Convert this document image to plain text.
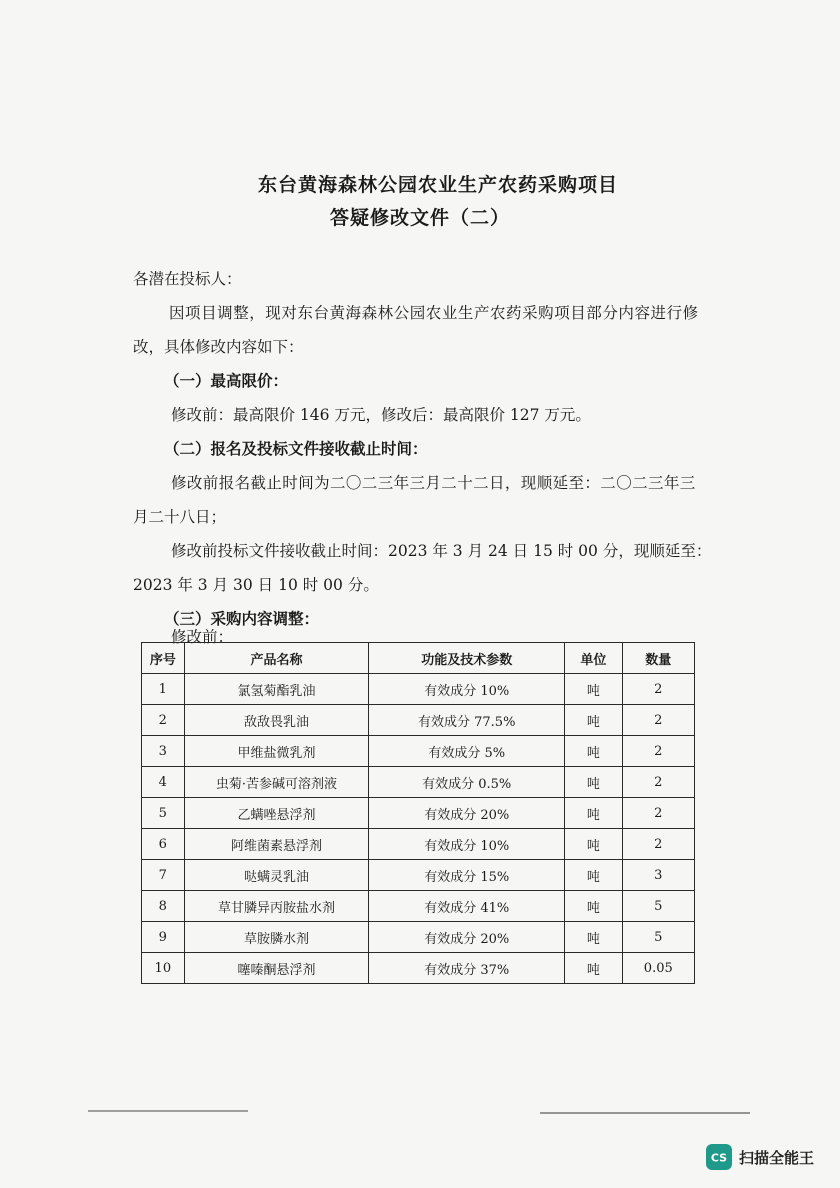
东台黄海森林公园农业生产农药采购项目
答疑修改文件（二）
各潜在投标人：
因项目调整，现对东台黄海森林公园农业生产农药采购项目部分内容进行修
改，具体修改内容如下：
（一）最高限价：
修改前：最高限价 146 万元，修改后：最高限价 127 万元。
（二）报名及投标文件接收截止时间：
修改前报名截止时间为二〇二三年三月二十二日，现顺延至：二〇二三年三
月二十八日；
修改前投标文件接收截止时间：2023 年 3 月 24 日 15 时 00 分，现顺延至：
2023 年 3 月 30 日 10 时 00 分。
（三）采购内容调整：
修改前：
序号	产品名称	功能及技术参数	单位	数量
1	氯氢菊酯乳油	有效成分 10%	吨	2
2	敌敌畏乳油	有效成分 77.5%	吨	2
3	甲维盐微乳剂	有效成分 5%	吨	2
4	虫菊·苦参碱可溶剂液	有效成分 0.5%	吨	2
5	乙螨唑悬浮剂	有效成分 20%	吨	2
6	阿维菌素悬浮剂	有效成分 10%	吨	2
7	哒螨灵乳油	有效成分 15%	吨	3
8	草甘膦异丙胺盐水剂	有效成分 41%	吨	5
9	草胺膦水剂	有效成分 20%	吨	5
10	噻嗪酮悬浮剂	有效成分 37%	吨	0.05
CS 扫描全能王
